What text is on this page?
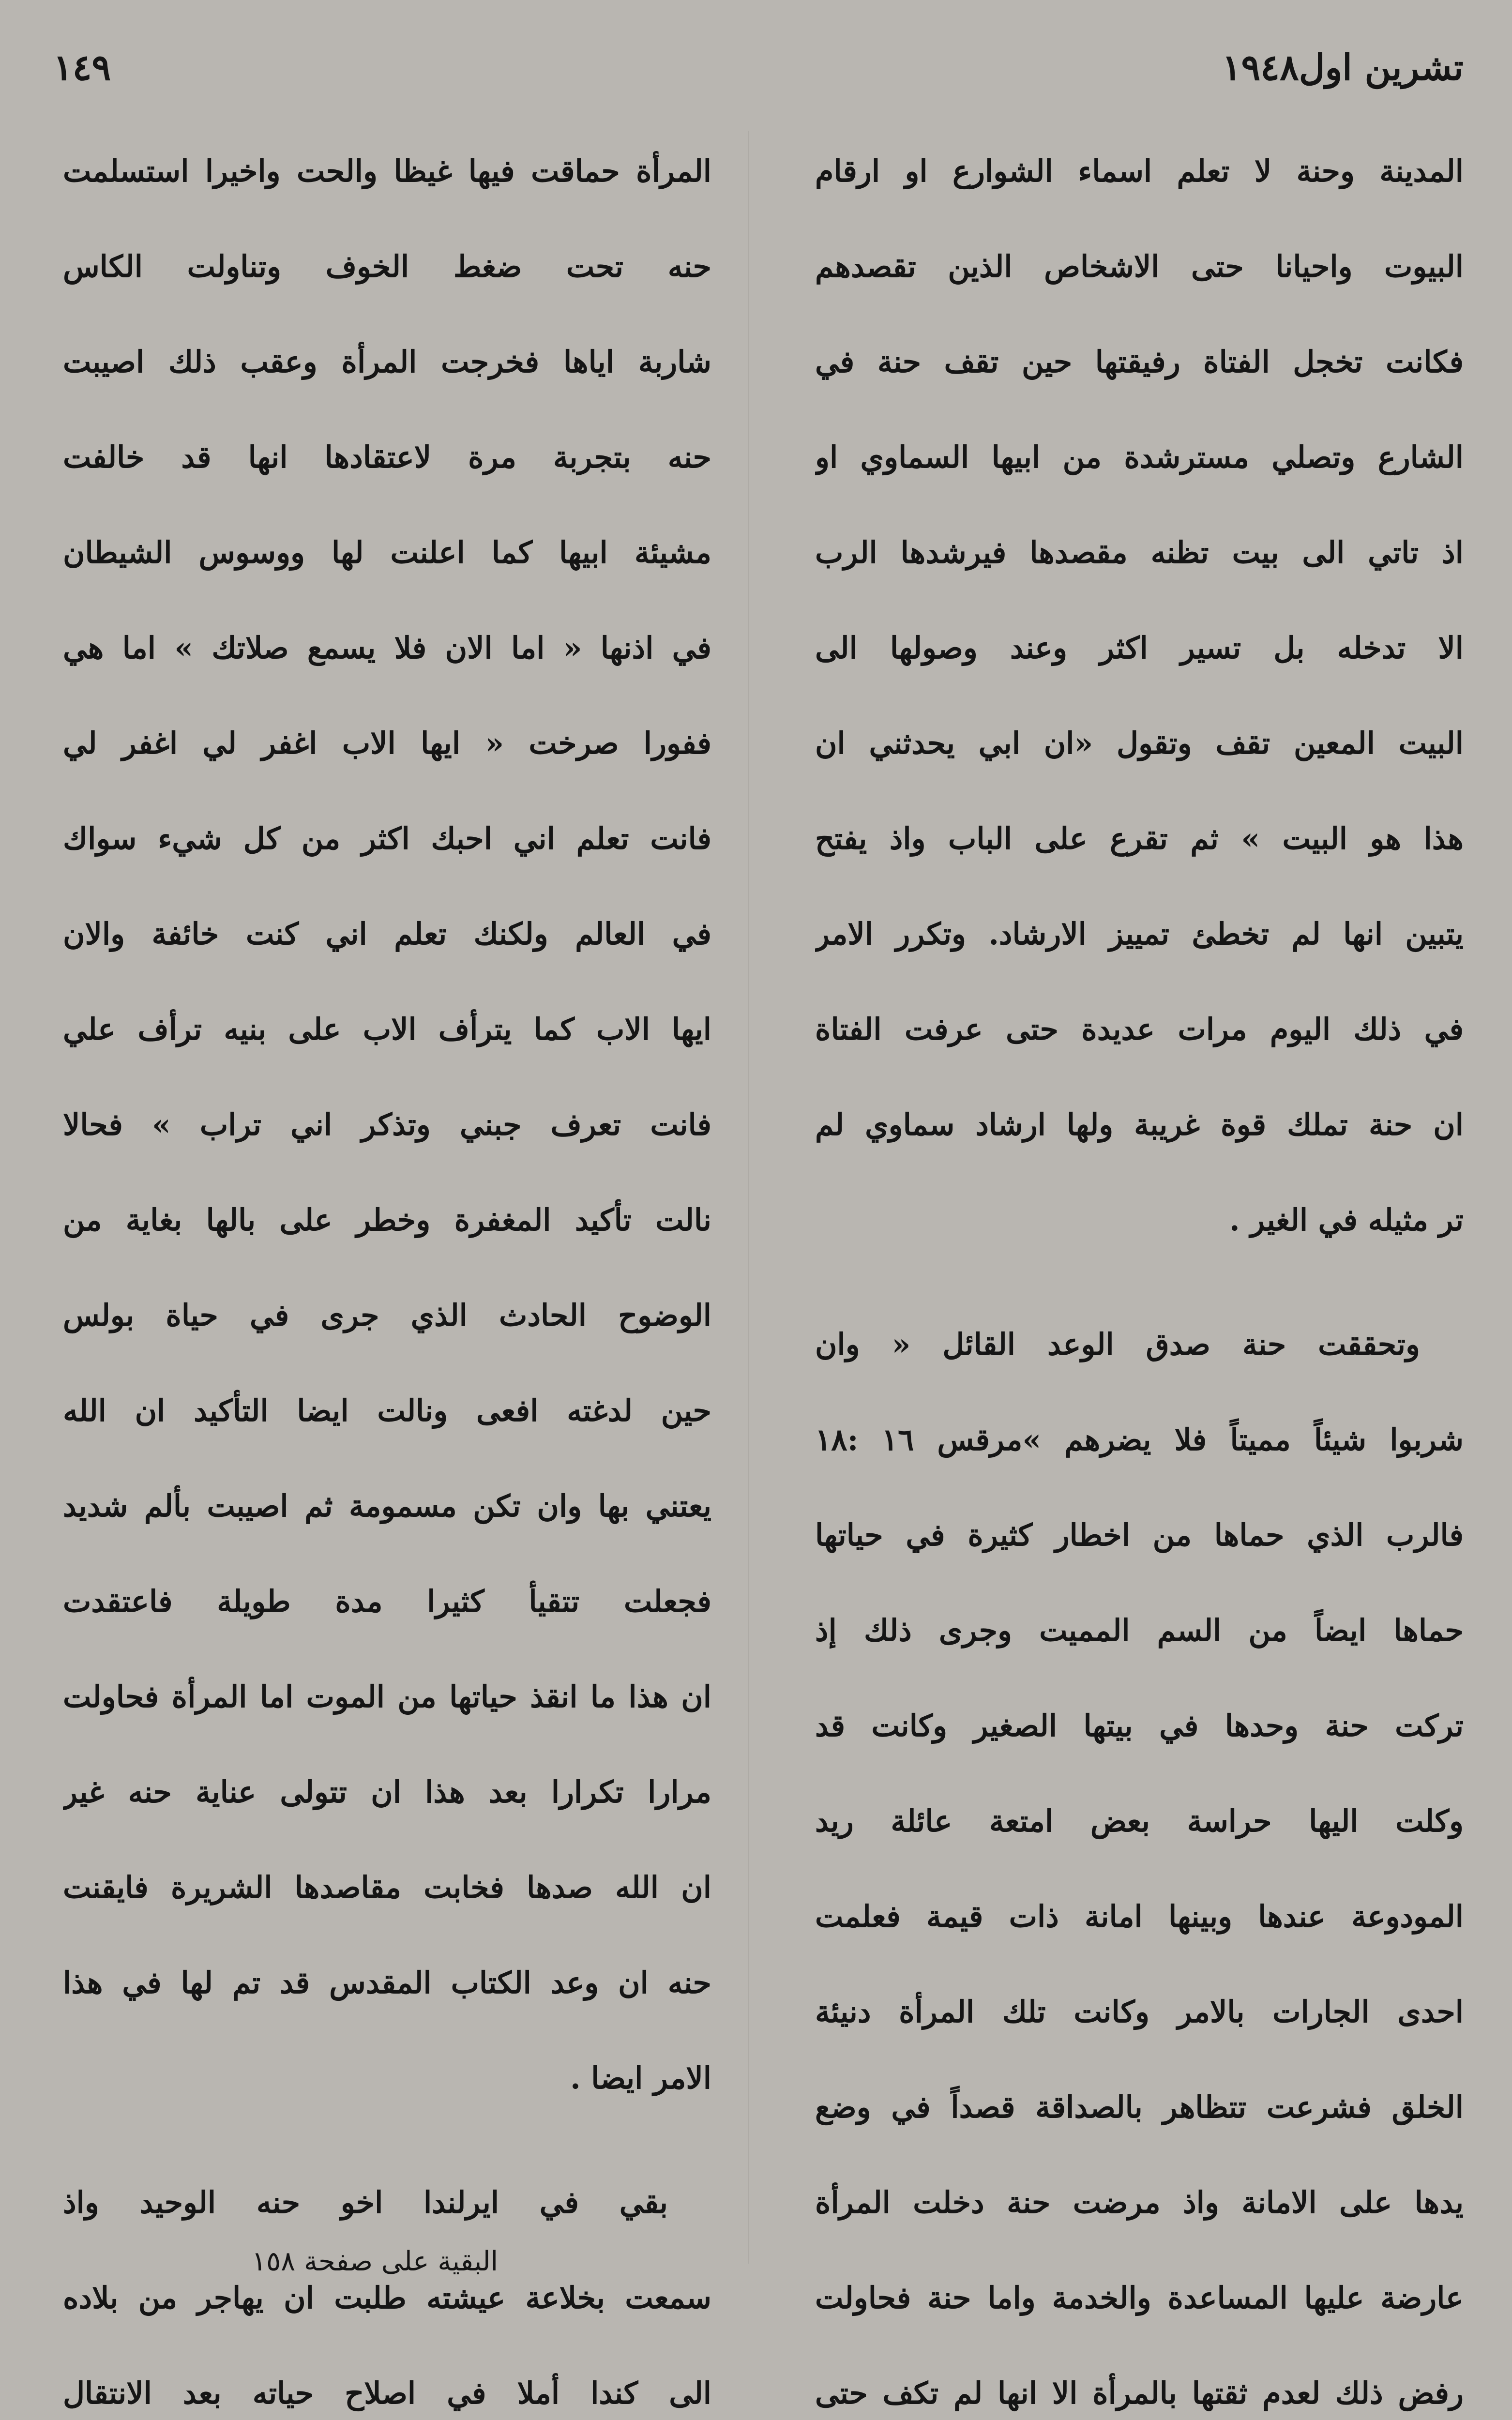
تشرين اول١٩٤٨
١٤٩
المدينة وحنة لا تعلم اسماء الشوارع او ارقام
البيوت واحيانا حتى الاشخاص الذين تقصدهم
فكانت تخجل الفتاة رفيقتها حين تقف حنة في
الشارع وتصلي مسترشدة من ابيها السماوي او
اذ تاتي الى بيت تظنه مقصدها فيرشدها الرب
الا تدخله بل تسير اكثر وعند وصولها الى
البيت المعين تقف وتقول «ان ابي يحدثني ان
هذا هو البيت » ثم تقرع على الباب واذ يفتح
يتبين انها لم تخطئ تمييز الارشاد. وتكرر الامر
في ذلك اليوم مرات عديدة حتى عرفت الفتاة
ان حنة تملك قوة غريبة ولها ارشاد سماوي لم
تر مثيله في الغير .
وتحققت حنة صدق الوعد القائل « وان
شربوا شيئاً مميتاً فلا يضرهم »مرقس ١٦ :١٨
فالرب الذي حماها من اخطار كثيرة في حياتها
حماها ايضاً من السم المميت وجرى ذلك إذ
تركت حنة وحدها في بيتها الصغير وكانت قد
وكلت اليها حراسة بعض امتعة عائلة ريد
المودوعة عندها وبينها امانة ذات قيمة فعلمت
احدى الجارات بالامر وكانت تلك المرأة دنيئة
الخلق فشرعت تتظاهر بالصداقة قصداً في وضع
يدها على الامانة واذ مرضت حنة دخلت المرأة
عارضة عليها المساعدة والخدمة واما حنة فحاولت
رفض ذلك لعدم ثقتها بالمرأة الا انها لم تكف حتى
المرأة حماقت فيها غيظا والحت واخيرا استسلمت
حنه تحت ضغط الخوف وتناولت الكاس
شاربة اياها فخرجت المرأة وعقب ذلك اصيبت
حنه بتجربة مرة لاعتقادها انها قد خالفت
مشيئة ابيها كما اعلنت لها ووسوس الشيطان
في اذنها « اما الان فلا يسمع صلاتك » اما هي
ففورا صرخت « ايها الاب اغفر لي اغفر لي
فانت تعلم اني احبك اكثر من كل شيء سواك
في العالم ولكنك تعلم اني كنت خائفة والان
ايها الاب كما يترأف الاب على بنيه ترأف علي
فانت تعرف جبني وتذكر اني تراب » فحالا
نالت تأكيد المغفرة وخطر على بالها بغاية من
الوضوح الحادث الذي جرى في حياة بولس
حين لدغته افعى ونالت ايضا التأكيد ان الله
يعتني بها وان تكن مسمومة ثم اصيبت بألم شديد
فجعلت تتقيأ كثيرا مدة طويلة فاعتقدت
ان هذا ما انقذ حياتها من الموت اما المرأة فحاولت
مرارا تكرارا بعد هذا ان تتولى عناية حنه غير
ان الله صدها فخابت مقاصدها الشريرة فايقنت
حنه ان وعد الكتاب المقدس قد تم لها في هذا
الامر ايضا .
بقي في ايرلندا اخو حنه الوحيد واذ
سمعت بخلاعة عيشته طلبت ان يهاجر من بلاده
الى كندا أملا في اصلاح حياته بعد الانتقال
البقية على صفحة ١٥٨
